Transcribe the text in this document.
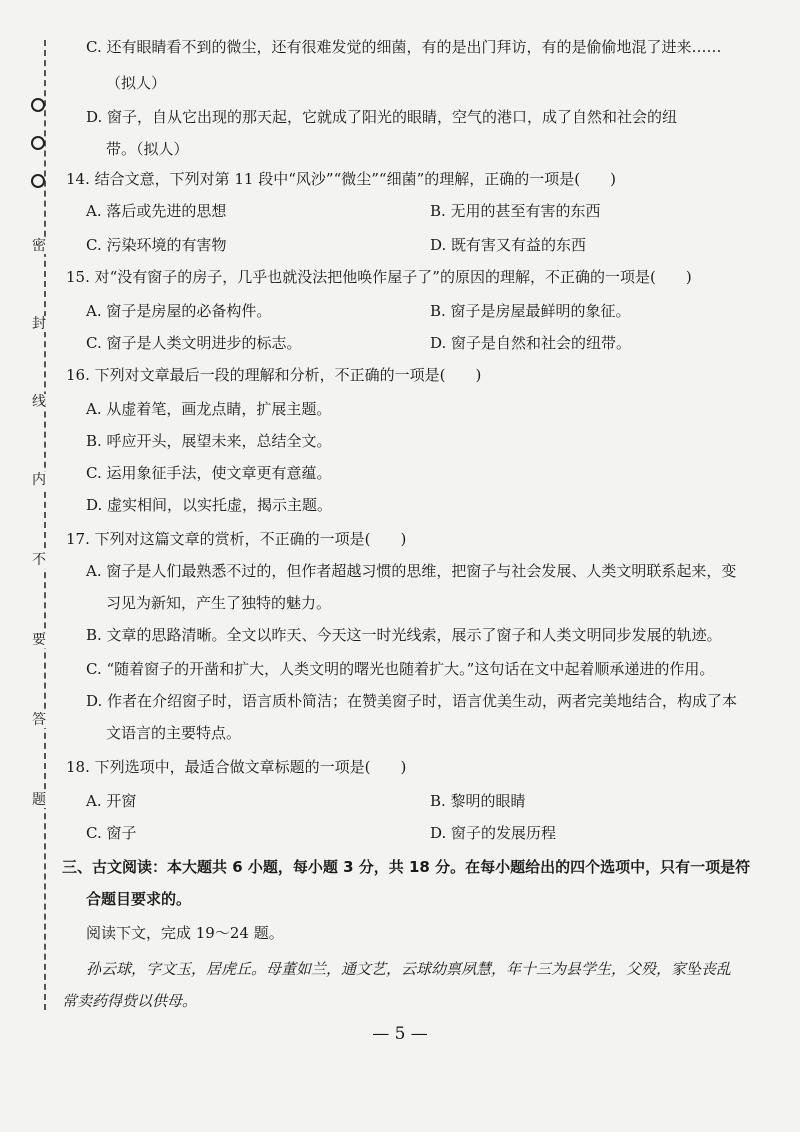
密
封
线
内
不
要
答
题
C. 还有眼睛看不到的微尘，还有很难发觉的细菌，有的是出门拜访，有的是偷偷地混了进来……
（拟人）
D. 窗子，自从它出现的那天起，它就成了阳光的眼睛，空气的港口，成了自然和社会的纽
带。（拟人）
14. 结合文意，下列对第 11 段中“风沙”“微尘”“细菌”的理解，正确的一项是(　　)
A. 落后或先进的思想	B. 无用的甚至有害的东西
C. 污染环境的有害物	D. 既有害又有益的东西
15. 对“没有窗子的房子，几乎也就没法把他唤作屋子了”的原因的理解，不正确的一项是(　　)
A. 窗子是房屋的必备构件。	B. 窗子是房屋最鲜明的象征。
C. 窗子是人类文明进步的标志。	D. 窗子是自然和社会的纽带。
16. 下列对文章最后一段的理解和分析，不正确的一项是(　　)
A. 从虚着笔，画龙点睛，扩展主题。
B. 呼应开头，展望未来，总结全文。
C. 运用象征手法，使文章更有意蕴。
D. 虚实相间，以实托虚，揭示主题。
17. 下列对这篇文章的赏析，不正确的一项是(　　)
A. 窗子是人们最熟悉不过的，但作者超越习惯的思维，把窗子与社会发展、人类文明联系起来，变
习见为新知，产生了独特的魅力。
B. 文章的思路清晰。全文以昨天、今天这一时光线索，展示了窗子和人类文明同步发展的轨迹。
C. “随着窗子的开凿和扩大，人类文明的曙光也随着扩大。”这句话在文中起着顺承递进的作用。
D. 作者在介绍窗子时，语言质朴简洁；在赞美窗子时，语言优美生动，两者完美地结合，构成了本
文语言的主要特点。
18. 下列选项中，最适合做文章标题的一项是(　　)
A. 开窗	B. 黎明的眼睛
C. 窗子	D. 窗子的发展历程
三、古文阅读：本大题共 6 小题，每小题 3 分，共 18 分。在每小题给出的四个选项中，只有一项是符
合题目要求的。
阅读下文，完成 19～24 题。
孙云球，字文玉，居虎丘。母董如兰，通文艺，云球幼禀夙慧，年十三为县学生，父殁，家坠丧乱
常卖药得赀以供母。
— 5 —
